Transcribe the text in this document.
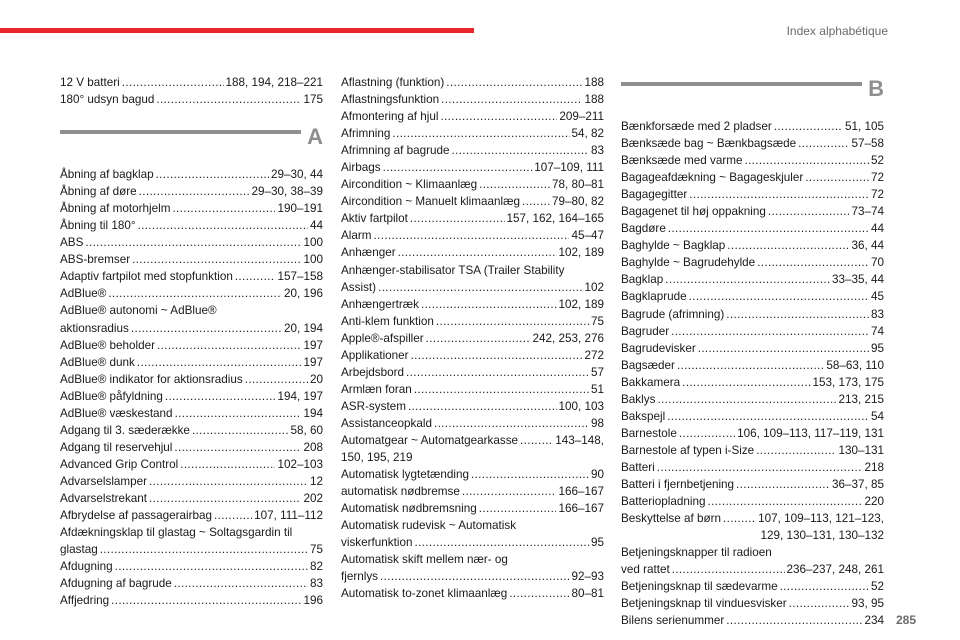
Index alphabétique
12 V batteri . . .	188, 194, 218–221
180° udsyn bagud . . .	175
A
Åbning af bagklap . . .	29–30, 44
Åbning af døre . . .	29–30, 38–39
Åbning af motorhjelm . . .	190–191
Åbning til 180° . . .	44
ABS . . .	100
ABS-bremser . . .	100
Adaptiv fartpilot med stopfunktion . . .	157–158
AdBlue® . . .	20, 196
AdBlue® autonomi ~ AdBlue®
aktionsradius . . .	20, 194
AdBlue® beholder . . .	197
AdBlue® dunk . . .	197
AdBlue® indikator for aktionsradius . . .	20
AdBlue® påfyldning . . .	194, 197
AdBlue® væskestand . . .	194
Adgang til 3. sæderække . . .	58, 60
Adgang til reservehjul . . .	208
Advanced Grip Control . . .	102–103
Advarselslamper . . .	12
Advarselstrekant . . .	202
Afbrydelse af passagerairbag . . .	107, 111–112
Afdækningsklap til glastag ~ Soltagsgardin til
glastag . . .	75
Afdugning . . .	82
Afdugning af bagrude . . .	83
Affjedring . . .	196
Aflastning (funktion) . . .	188
Aflastningsfunktion . . .	188
Afmontering af hjul . . .	209–211
Afrimning . . .	54, 82
Afrimning af bagrude . . .	83
Airbags . . .	107–109, 111
Aircondition ~ Klimaanlæg . . .	78, 80–81
Aircondition ~ Manuelt klimaanlæg . . .	79–80, 82
Aktiv fartpilot . . .	157, 162, 164–165
Alarm . . .	45–47
Anhænger . . .	102, 189
Anhænger-stabilisator TSA (Trailer Stability
Assist) . . .	102
Anhængertræk . . .	102, 189
Anti-klem funktion . . .	75
Apple®-afspiller . . .	242, 253, 276
Applikationer . . .	272
Arbejdsbord . . .	57
Armlæn foran . . .	51
ASR-system . . .	100, 103
Assistanceopkald . . .	98
Automatgear ~ Automatgearkasse . . .	143–148,
150, 195, 219
Automatisk lygtetænding . . .	90
automatisk nødbremse . . .	166–167
Automatisk nødbremsning . . .	166–167
Automatisk rudevisk ~ Automatisk
viskerfunktion . . .	95
Automatisk skift mellem nær- og
fjernlys . . .	92–93
Automatisk to-zonet klimaanlæg . . .	80–81
B
Bænkforsæde med 2 pladser . . .	51, 105
Bænksæde bag ~ Bænkbagsæde . . .	57–58
Bænksæde med varme . . .	52
Bagageafdækning ~ Bagageskjuler . . .	72
Bagagegitter . . .	72
Bagagenet til høj oppakning . . .	73–74
Bagdøre . . .	44
Baghylde ~ Bagklap . . .	36, 44
Baghylde ~ Bagrudehylde . . .	70
Bagklap . . .	33–35, 44
Bagklaprude . . .	45
Bagrude (afrimning) . . .	83
Bagruder . . .	74
Bagrudevisker . . .	95
Bagsæder . . .	58–63, 110
Bakkamera . . .	153, 173, 175
Baklys . . .	213, 215
Bakspejl . . .	54
Barnestole . . .	106, 109–113, 117–119, 131
Barnestole af typen i-Size . . .	130–131
Batteri . . .	218
Batteri i fjernbetjening . . .	36–37, 85
Batteriopladning . . .	220
Beskyttelse af børn . . .	107, 109–113, 121–123,
129, 130–131, 130–132
Betjeningsknapper til radioen
ved rattet . . .	236–237, 248, 261
Betjeningsknap til sædevarme . . .	52
Betjeningsknap til vinduesvisker . . .	93, 95
Bilens serienummer . . .	234 285
